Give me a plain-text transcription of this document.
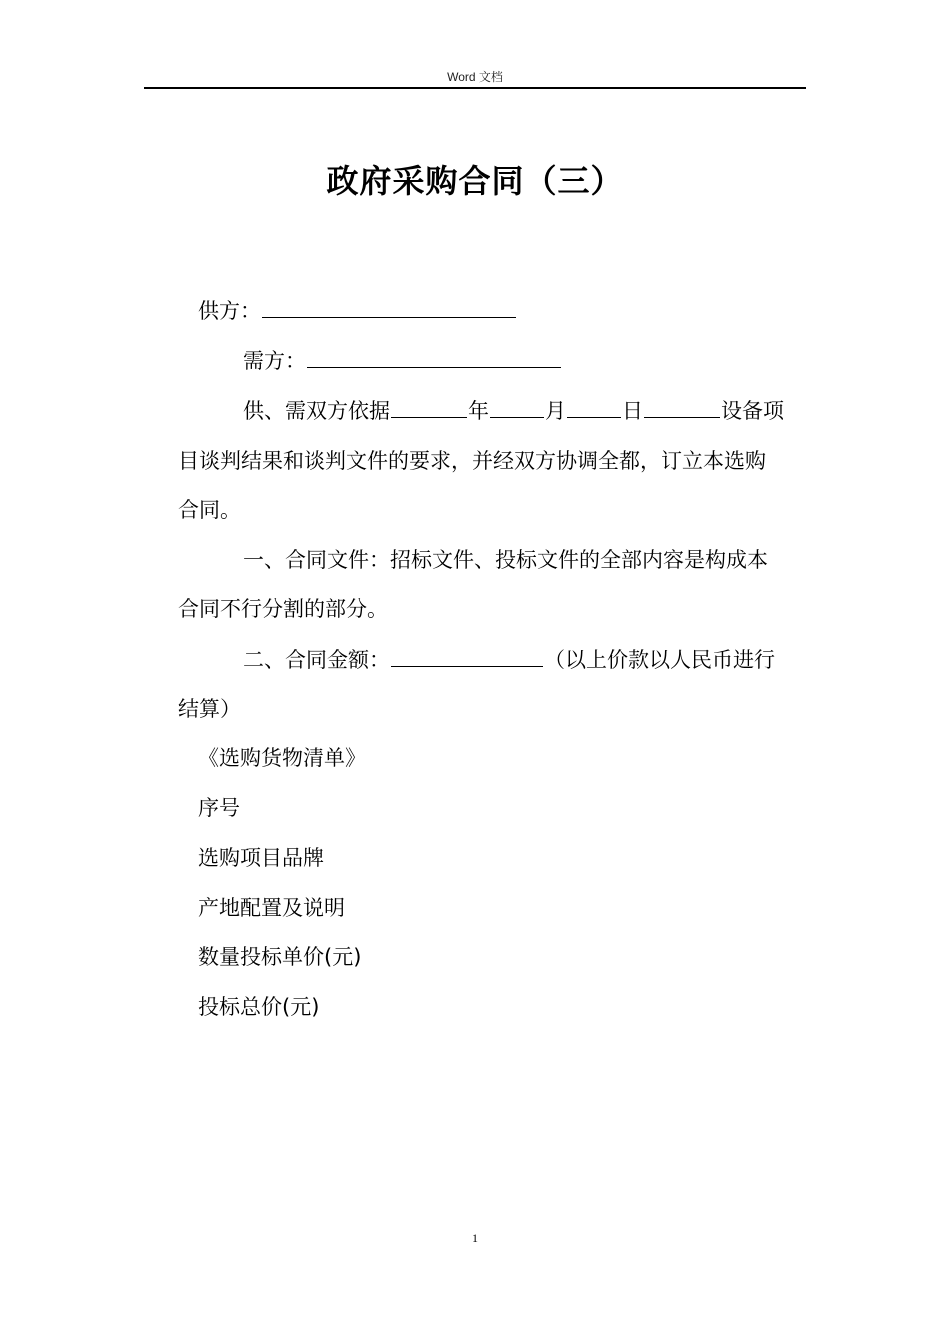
Word 文档
政府采购合同（三）
供方：
需方：
供、需双方依据	年	月	日	设备项
目谈判结果和谈判文件的要求，并经双方协调全都，订立本选购
合同。
一、合同文件：招标文件、投标文件的全部内容是构成本
合同不行分割的部分。
二、合同金额：	（以上价款以人民币进行
结算）
《选购货物清单》
序号
选购项目品牌
产地配置及说明
数量投标单价(元)
投标总价(元)
1
